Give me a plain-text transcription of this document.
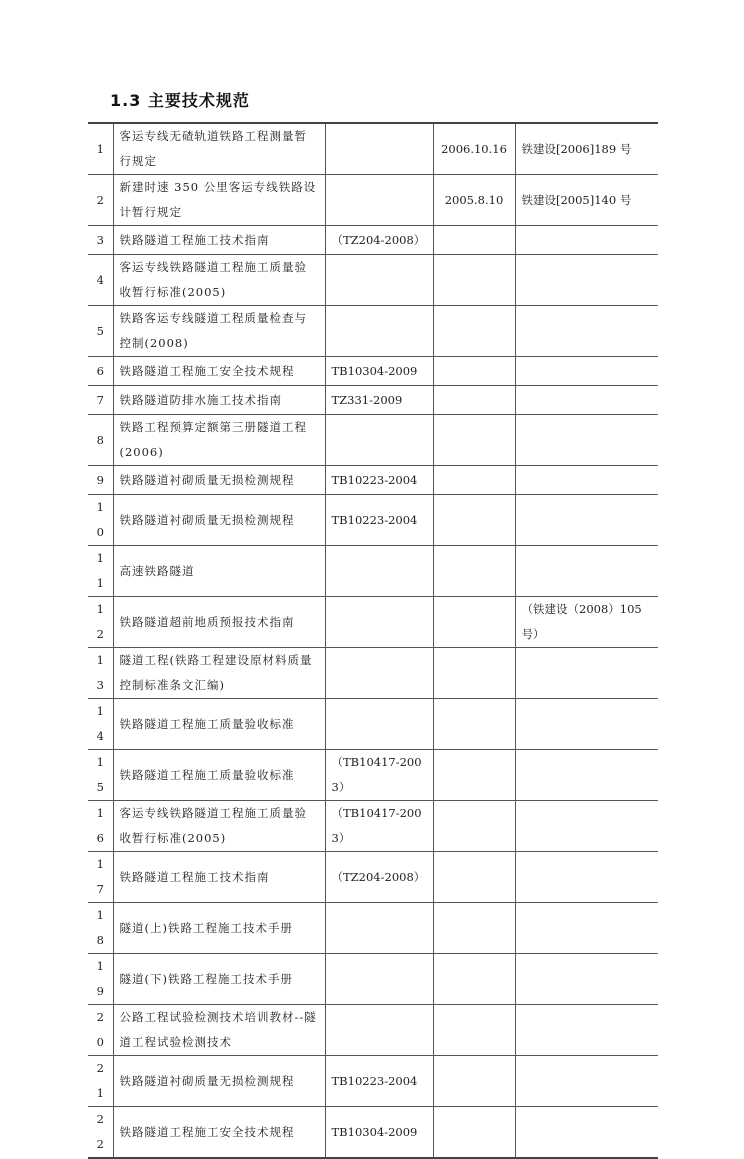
1.3 主要技术规范
1	客运专线无碴轨道铁路工程测量暂行规定		2006.10.16	铁建设[2006]189 号
2	新建时速 350 公里客运专线铁路设计暂行规定		2005.8.10	铁建设[2005]140 号
3	铁路隧道工程施工技术指南	（TZ204-2008）		
4	客运专线铁路隧道工程施工质量验收暂行标准(2005)			
5	铁路客运专线隧道工程质量检查与控制(2008)			
6	铁路隧道工程施工安全技术规程	TB10304-2009		
7	铁路隧道防排水施工技术指南	TZ331-2009		
8	铁路工程预算定额第三册隧道工程(2006)			
9	铁路隧道衬砌质量无损检测规程	TB10223-2004		
10	铁路隧道衬砌质量无损检测规程	TB10223-2004		
11	高速铁路隧道			
12	铁路隧道超前地质预报技术指南			（铁建设（2008）105 号）
13	隧道工程(铁路工程建设原材料质量控制标准条文汇编)			
14	铁路隧道工程施工质量验收标准			
15	铁路隧道工程施工质量验收标准	（TB10417-2003）		
16	客运专线铁路隧道工程施工质量验收暂行标准(2005)	（TB10417-2003）		
17	铁路隧道工程施工技术指南	（TZ204-2008）		
18	隧道(上)铁路工程施工技术手册			
19	隧道(下)铁路工程施工技术手册			
20	公路工程试验检测技术培训教材--隧道工程试验检测技术			
21	铁路隧道衬砌质量无损检测规程	TB10223-2004		
22	铁路隧道工程施工安全技术规程	TB10304-2009		
